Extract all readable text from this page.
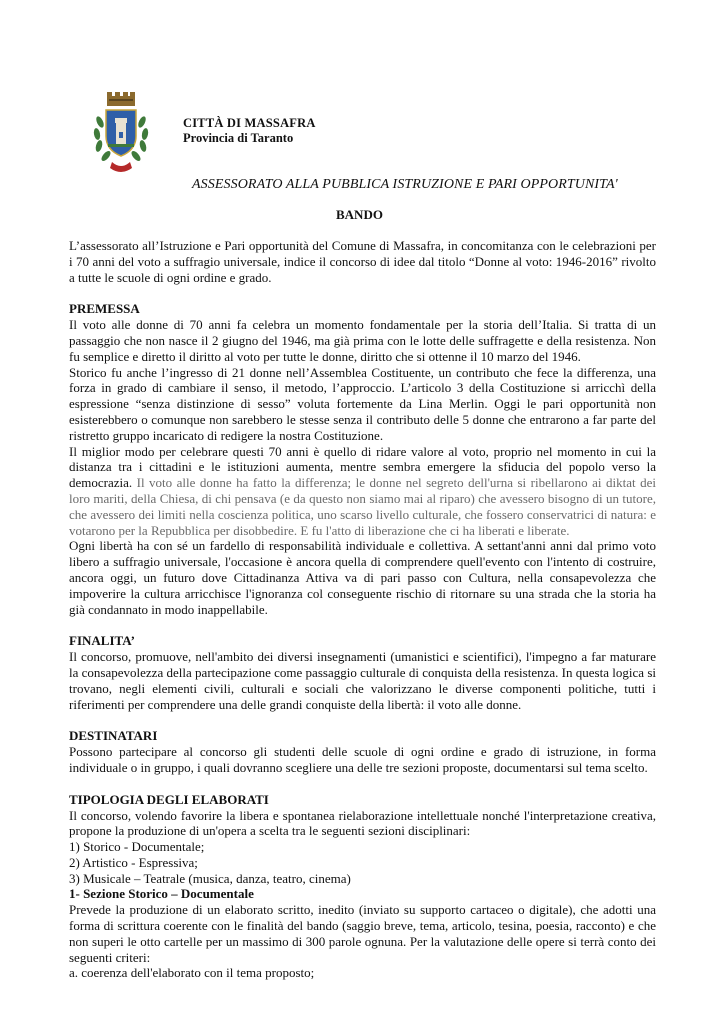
CITTÀ DI MASSAFRA
Provincia di Taranto
ASSESSORATO ALLA PUBBLICA ISTRUZIONE E PARI OPPORTUNITA'
BANDO

L’assessorato all’Istruzione e Pari opportunità del Comune di Massafra, in concomitanza con le celebrazioni per i 70 anni del voto a suffragio universale, indice il concorso di idee dal titolo “Donne al voto: 1946-2016” rivolto a tutte le scuole di ogni ordine e grado.

PREMESSA

Il voto alle donne di 70 anni fa celebra un momento fondamentale per la storia dell’Italia. Si tratta di un passaggio che non nasce il 2 giugno del 1946, ma già prima con le lotte delle suffragette e della resistenza. Non fu semplice e diretto il diritto al voto per tutte le donne, diritto che si ottenne il 10 marzo del 1946.

Storico fu anche l’ingresso di 21 donne nell’Assemblea Costituente, un contributo che fece la differenza, una forza in grado di cambiare il senso, il metodo, l’approccio. L’articolo 3 della Costituzione si arricchì della espressione “senza distinzione di sesso” voluta fortemente da Lina Merlin. Oggi le pari opportunità non esisterebbero o comunque non sarebbero le stesse senza il contributo delle 5 donne che entrarono a far parte del ristretto gruppo incaricato di redigere la nostra Costituzione.

Il miglior modo per celebrare questi 70 anni è quello di ridare valore al voto, proprio nel momento in cui la distanza tra i cittadini e le istituzioni aumenta, mentre sembra emergere la sfiducia del popolo verso la democrazia. Il voto alle donne ha fatto la differenza; le donne nel segreto dell'urna si ribellarono ai diktat dei loro mariti, della Chiesa, di chi pensava (e da questo non siamo mai al riparo) che avessero bisogno di un tutore, che avessero dei limiti nella coscienza politica, uno scarso livello culturale, che fossero conservatrici di natura: e votarono per la Repubblica per disobbedire. E fu l'atto di liberazione che ci ha liberati e liberate.

Ogni libertà ha con sé un fardello di responsabilità individuale e collettiva. A settant'anni anni dal primo voto libero a suffragio universale, l'occasione è ancora quella di comprendere quell'evento con l'intento di costruire, ancora oggi, un futuro dove Cittadinanza Attiva va di pari passo con Cultura, nella consapevolezza che impoverire la cultura arricchisce l'ignoranza col conseguente rischio di ritornare su una strada che la storia ha già condannato in modo inappellabile.

FINALITA’

Il concorso, promuove, nell'ambito dei diversi insegnamenti (umanistici e scientifici), l'impegno a far maturare la consapevolezza della partecipazione come passaggio culturale di conquista della resistenza. In questa logica si trovano, negli elementi civili, culturali e sociali che valorizzano le diverse componenti politiche, tutti i riferimenti per comprendere una delle grandi conquiste della libertà: il voto alle donne.

DESTINATARI

Possono partecipare al concorso gli studenti delle scuole di ogni ordine e grado di istruzione, in forma individuale o in gruppo, i quali dovranno scegliere una delle tre sezioni proposte, documentarsi sul tema scelto.

TIPOLOGIA DEGLI ELABORATI

Il concorso, volendo favorire la libera e spontanea rielaborazione intellettuale nonché l'interpretazione creativa, propone la produzione di un'opera a scelta tra le seguenti sezioni disciplinari:

1) Storico - Documentale;

2) Artistico - Espressiva;

3) Musicale – Teatrale (musica, danza, teatro, cinema)

1- Sezione Storico – Documentale

Prevede la produzione di un elaborato scritto, inedito (inviato su supporto cartaceo o digitale), che adotti una forma di scrittura coerente con le finalità del bando (saggio breve, tema, articolo, tesina, poesia, racconto) e che non superi le otto cartelle per un massimo di 300 parole ognuna. Per la valutazione delle opere si terrà conto dei seguenti criteri:

a. coerenza dell'elaborato con il tema proposto;
